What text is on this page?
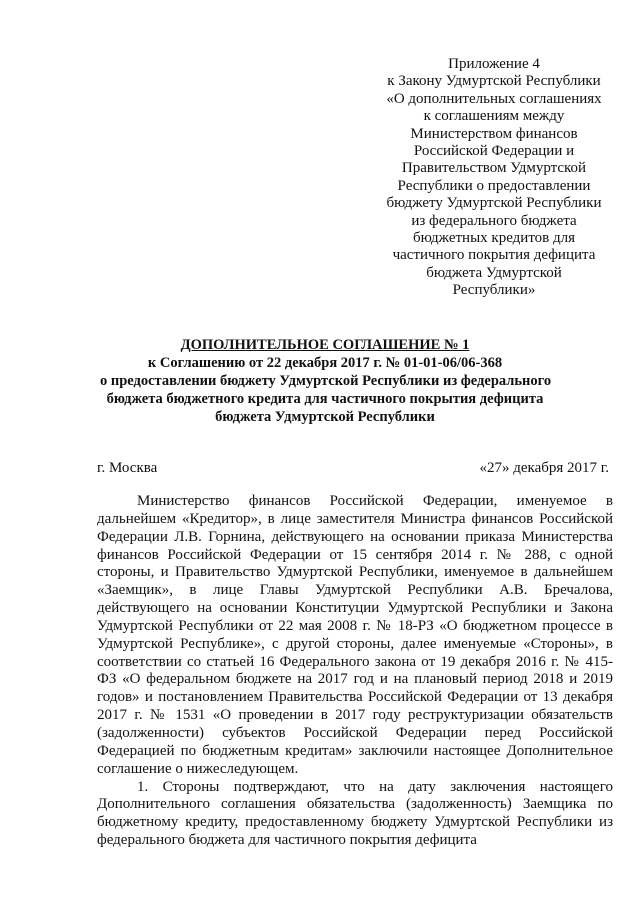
Приложение 4
к Закону Удмуртской Республики
«О дополнительных соглашениях
к соглашениям между
Министерством финансов
Российской Федерации и
Правительством Удмуртской
Республики о предоставлении
бюджету Удмуртской Республики
из федерального бюджета
бюджетных кредитов для
частичного покрытия дефицита
бюджета Удмуртской
Республики»
ДОПОЛНИТЕЛЬНОЕ СОГЛАШЕНИЕ № 1
к Соглашению от 22 декабря 2017 г. № 01-01-06/06-368
о предоставлении бюджету Удмуртской Республики из федерального
бюджета бюджетного кредита для частичного покрытия дефицита
бюджета Удмуртской Республики
г. Москва	«27» декабря 2017 г.

Министерство финансов Российской Федерации, именуемое в дальнейшем «Кредитор», в лице заместителя Министра финансов Российской Федерации Л.В. Горнина, действующего на основании приказа Министерства финансов Российской Федерации от 15 сентября 2014 г. № 288, с одной стороны, и Правительство Удмуртской Республики, именуемое в дальнейшем «Заемщик», в лице Главы Удмуртской Республики А.В. Бречалова, действующего на основании Конституции Удмуртской Республики и Закона Удмуртской Республики от 22 мая 2008 г. № 18-РЗ «О бюджетном процессе в Удмуртской Республике», с другой стороны, далее именуемые «Стороны», в соответствии со статьей 16 Федерального закона от 19 декабря 2016 г. № 415-ФЗ «О федеральном бюджете на 2017 год и на плановый период 2018 и 2019 годов» и постановлением Правительства Российской Федерации от 13 декабря 2017 г. № 1531 «О проведении в 2017 году реструктуризации обязательств (задолженности) субъектов Российской Федерации перед Российской Федерацией по бюджетным кредитам» заключили настоящее Дополнительное соглашение о нижеследующем.

1. Стороны подтверждают, что на дату заключения настоящего Дополнительного соглашения обязательства (задолженность) Заемщика по бюджетному кредиту, предоставленному бюджету Удмуртской Республики из федерального бюджета для частичного покрытия дефицита
